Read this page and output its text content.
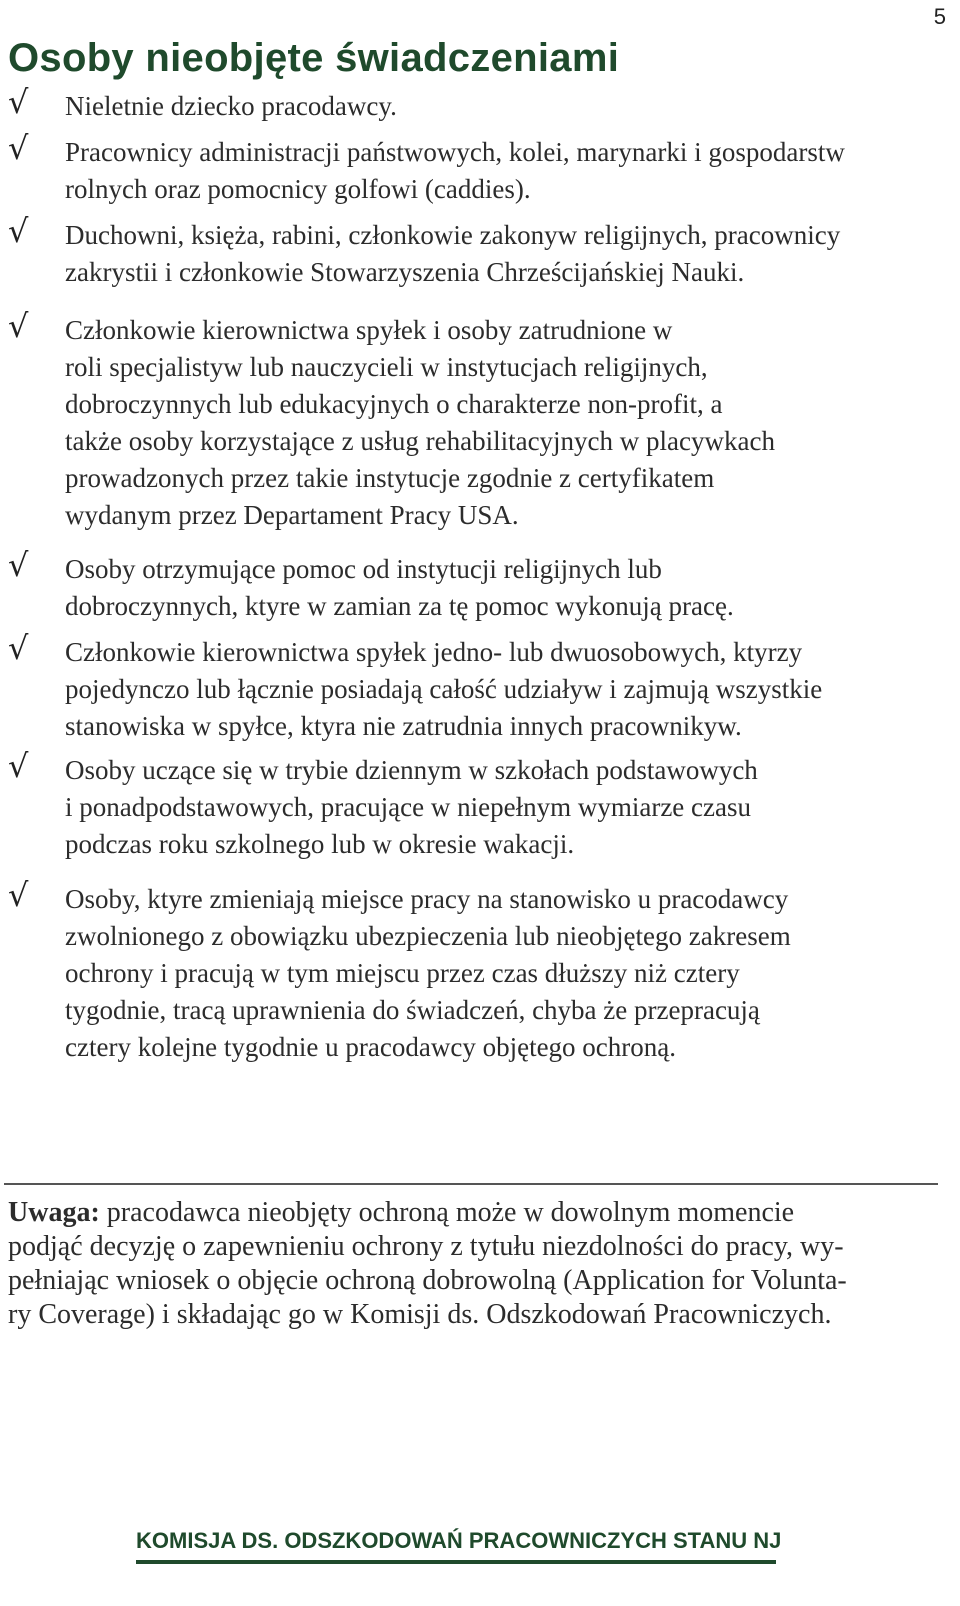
5
Osoby nieobjęte świadczeniami
√ Nieletnie dziecko pracodawcy.
√ Pracownicy administracji państwowych, kolei, marynarki i gospodarstw
rolnych oraz pomocnicy golfowi (caddies).
√ Duchowni, księża, rabini, członkowie zakonyw religijnych, pracownicy
zakrystii i członkowie Stowarzyszenia Chrześcijańskiej Nauki.
√ Członkowie kierownictwa spyłek i osoby zatrudnione w
roli specjalistyw lub nauczycieli w instytucjach religijnych,
dobroczynnych lub edukacyjnych o charakterze non-profit, a
także osoby korzystające z usług rehabilitacyjnych w placywkach
prowadzonych przez takie instytucje zgodnie z certyfikatem
wydanym przez Departament Pracy USA.
√ Osoby otrzymujące pomoc od instytucji religijnych lub
dobroczynnych, ktyre w zamian za tę pomoc wykonują pracę.
√ Członkowie kierownictwa spyłek jedno- lub dwuosobowych, ktyrzy
pojedynczo lub łącznie posiadają całość udziaływ i zajmują wszystkie
stanowiska w spyłce, ktyra nie zatrudnia innych pracownikyw.
√ Osoby uczące się w trybie dziennym w szkołach podstawowych
i ponadpodstawowych, pracujące w niepełnym wymiarze czasu
podczas roku szkolnego lub w okresie wakacji.
√ Osoby, ktyre zmieniają miejsce pracy na stanowisko u pracodawcy
zwolnionego z obowiązku ubezpieczenia lub nieobjętego zakresem
ochrony i pracują w tym miejscu przez czas dłuższy niż cztery
tygodnie, tracą uprawnienia do świadczeń, chyba że przepracują
cztery kolejne tygodnie u pracodawcy objętego ochroną.
Uwaga: pracodawca nieobjęty ochroną może w dowolnym momencie
podjąć decyzję o zapewnieniu ochrony z tytułu niezdolności do pracy, wy-
pełniając wniosek o objęcie ochroną dobrowolną (Application for Volunta-
ry Coverage) i składając go w Komisji ds. Odszkodowań Pracowniczych.
KOMISJA DS. ODSZKODOWAŃ PRACOWNICZYCH STANU NJ
